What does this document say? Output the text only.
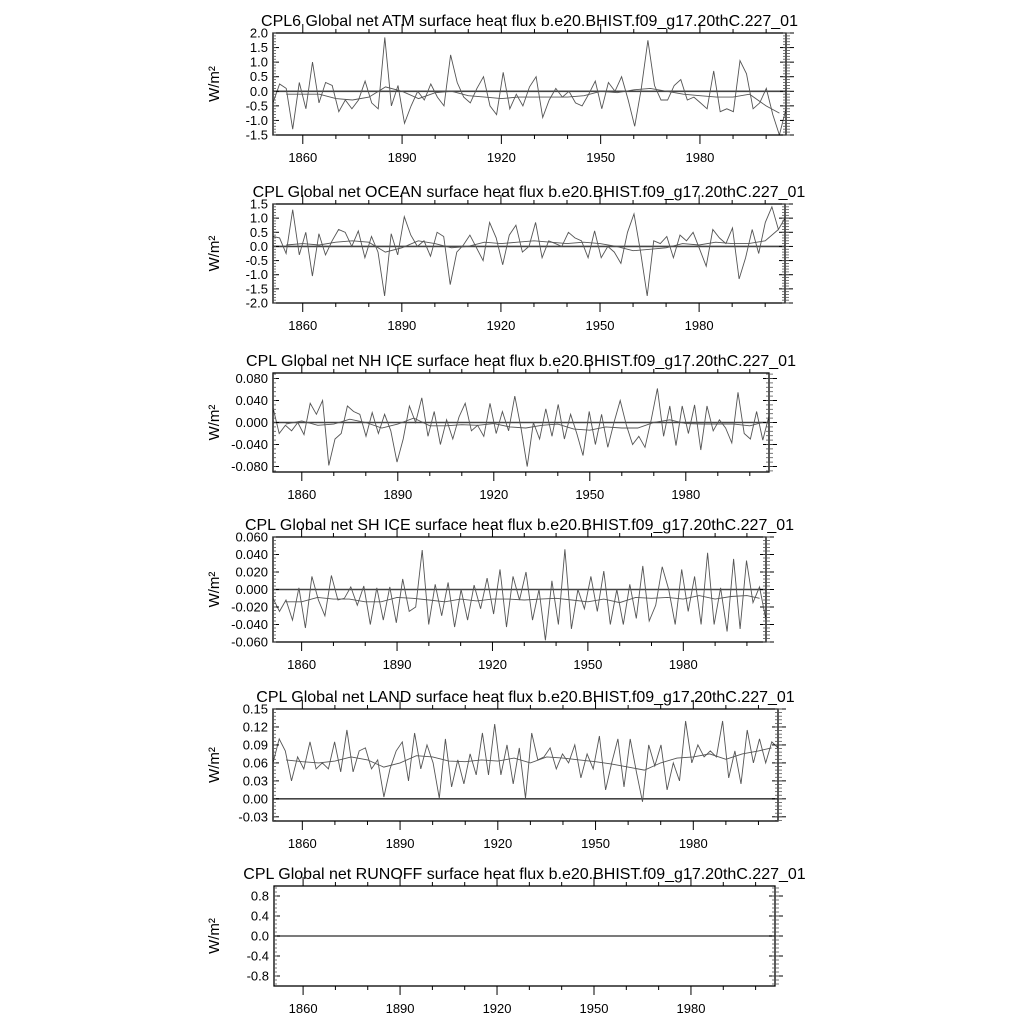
CPL6 Global net ATM surface heat flux b.e20.BHIST.f09_g17.20thC.227_01
W/m²
2.0
1.5
1.0
0.5
0.0
-0.5
-1.0
-1.5
1860	1890	1920	1950	1980
CPL Global net OCEAN surface heat flux b.e20.BHIST.f09_g17.20thC.227_01
W/m²
1.5
1.0
0.5
0.0
-0.5
-1.0
-1.5
-2.0
1860	1890	1920	1950	1980
CPL Global net NH ICE surface heat flux b.e20.BHIST.f09_g17.20thC.227_01
W/m²
0.080
0.040
0.000
-0.040
-0.080
1860	1890	1920	1950	1980
CPL Global net SH ICE surface heat flux b.e20.BHIST.f09_g17.20thC.227_01
W/m²
0.060
0.040
0.020
0.000
-0.020
-0.040
-0.060
1860	1890	1920	1950	1980
CPL Global net LAND surface heat flux b.e20.BHIST.f09_g17.20thC.227_01
W/m²
0.15
0.12
0.09
0.06
0.03
0.00
-0.03
1860	1890	1920	1950	1980
CPL Global net RUNOFF surface heat flux b.e20.BHIST.f09_g17.20thC.227_01
W/m²
0.8
0.4
0.0
-0.4
-0.8
1860	1890	1920	1950	1980
